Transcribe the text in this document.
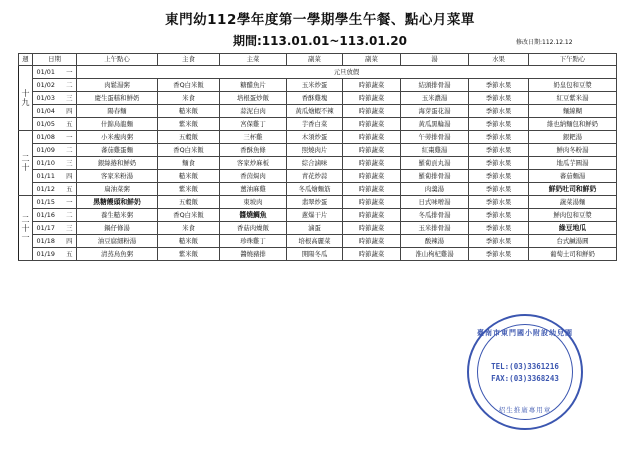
東門幼112學年度第一學期學生午餐、點心月菜單
期間:113.01.01~113.01.20	修改日期:112.12.12
週	日期	上午點心	主食	主菜	副菜	副菜	湯	水果	下午點心
十九	01/01 一	元旦放假							
	01/02 二	肉鬆湯粥	香Q白米飯	糖醋魚片	玉米炒蛋	時節蔬菜	結頭排骨湯	季節水果	奶皇包和豆漿
	01/03 三	慶生蛋糕和鮮奶	米食	培根蛋炒飯	香酥雞塊	時節蔬菜	玉米濃湯	季節水果	紅豆紫米湯
	01/04 四	陽春麵	糙米飯	蒜泥白肉	黃瓜燴蝦不辣	時節蔬菜	海芽蛋花湯	季節水果	麵線糊
	01/05 五	什錦烏龍麵	紫米飯	宮保雞丁	芋香白菜	時節蔬菜	黃瓜黑輪湯	季節水果	維也納麵包和鮮奶
二十	01/08 一	小米瘦肉粥	五穀飯	三杯雞	木須炒蛋	時節蔬菜	午蒡排骨湯	季節水果	銀耙湯
	01/09 二	蕃茄雞蛋麵	香Q白米飯	香酥魚條	照燒肉片	時節蔬菜	紅棗雞湯	季節水果	鮮肉冬粉湯
	01/10 三	銀絲捲和鮮奶	麵食	客家炒麻板	綜合滷味	時節蔬菜	羅蔔貢丸湯	季節水果	地瓜芋圓湯
	01/11 四	客家米粉湯	糙米飯	香茵焗肉	青花炒蒜	時節蔬菜	羅蔔排骨湯	季節水果	蕃茄麵湯
	01/12 五	扁油菜粥	紫米飯	薑油麻雞	冬瓜燴麵筋	時節蔬菜	肉羹湯	季節水果	鮮奶吐司和鮮奶
二十一	01/15 一	黑糖饅頭和鮮奶	五穀飯	東坡肉	翡翠炒蛋	時節蔬菜	日式味噌湯	季節水果	蔬菜湯麵
	01/16 二	養生糙米粥	香Q白米飯	醬燒鯛魚	蔥爆干片	時節蔬菜	冬瓜排骨湯	季節水果	鮮肉包和豆漿
	01/17 三	鍋仔條湯	米食	香菇肉燥飯	滷蛋	時節蔬菜	玉米排骨湯	季節水果	綠豆地瓜
	01/18 四	油豆腐細粉湯	糙米飯	珍珠雞丁	培根高麗菜	時節蔬菜	酸辣湯	季節水果	台式鹹湯圓
	01/19 五	清蒸鳥魚粥	紫米飯	醬燒豬排	開陽冬瓜	時節蔬菜	淮山枸杞雞湯	季節水果	葡萄土司和鮮奶
臺南市東門國小附設幼兒園
TEL:(03)3361216
FAX:(03)3368243
招生推廣專用章
